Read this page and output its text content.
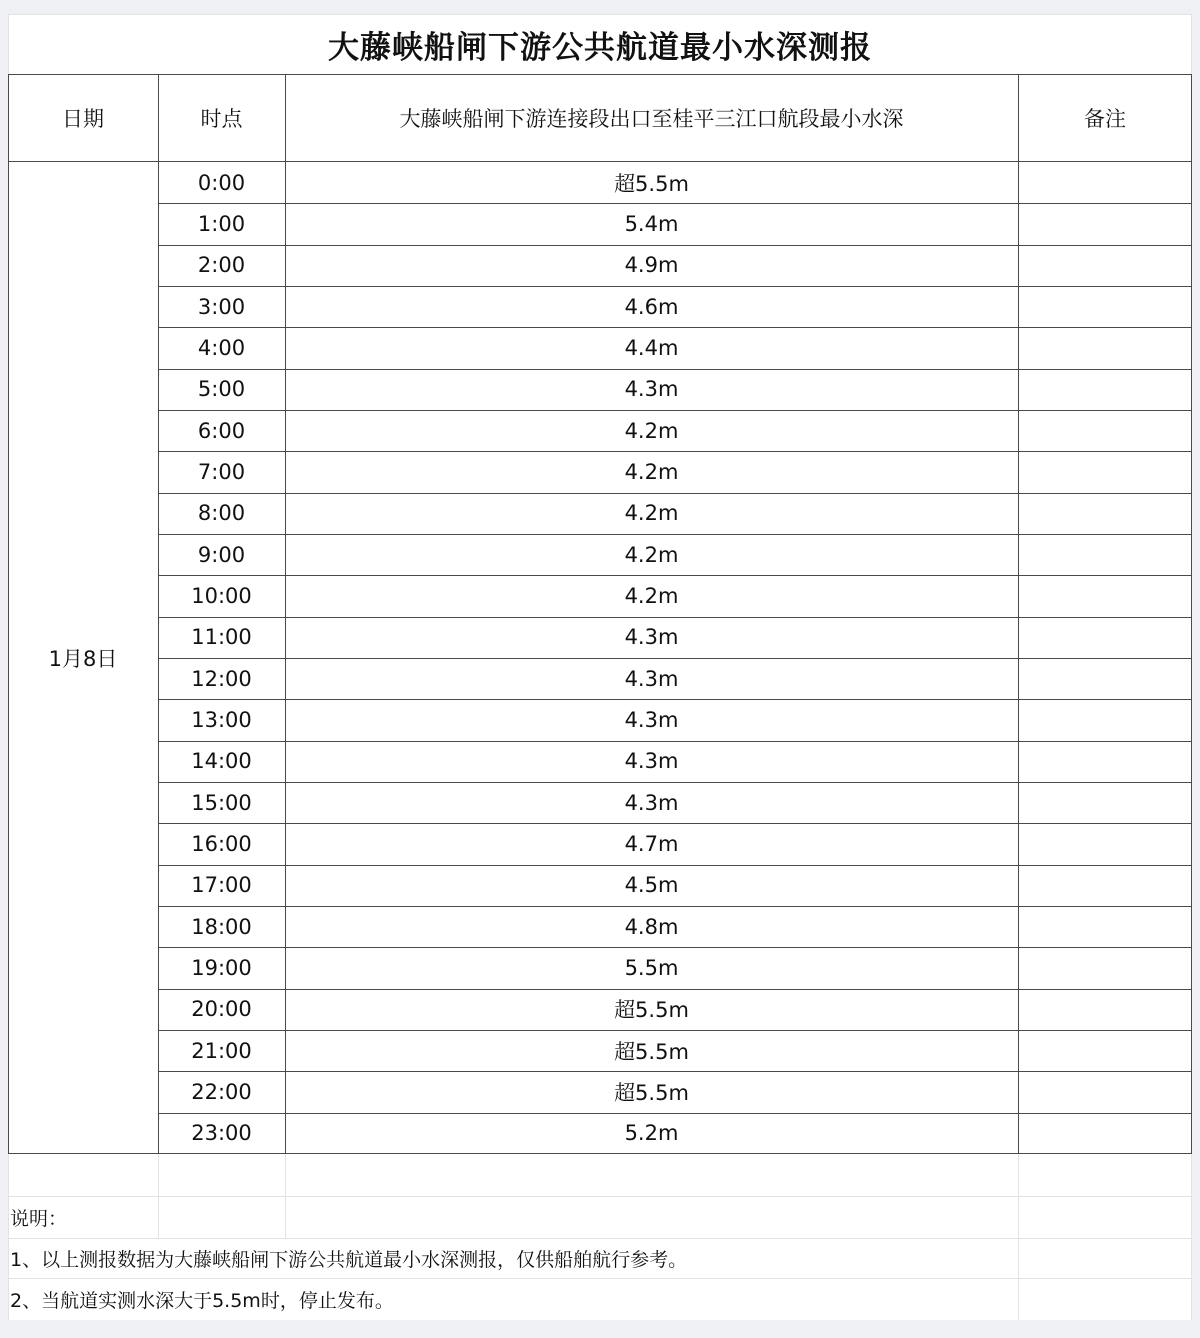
大藤峡船闸下游公共航道最小水深测报
日期	时点	大藤峡船闸下游连接段出口至桂平三江口航段最小水深	备注
1月8日
0:00	超5.5m
1:00	5.4m
2:00	4.9m
3:00	4.6m
4:00	4.4m
5:00	4.3m
6:00	4.2m
7:00	4.2m
8:00	4.2m
9:00	4.2m
10:00	4.2m
11:00	4.3m
12:00	4.3m
13:00	4.3m
14:00	4.3m
15:00	4.3m
16:00	4.7m
17:00	4.5m
18:00	4.8m
19:00	5.5m
20:00	超5.5m
21:00	超5.5m
22:00	超5.5m
23:00	5.2m
说明：
1、以上测报数据为大藤峡船闸下游公共航道最小水深测报，仅供船舶航行参考。
2、当航道实测水深大于5.5m时，停止发布。
